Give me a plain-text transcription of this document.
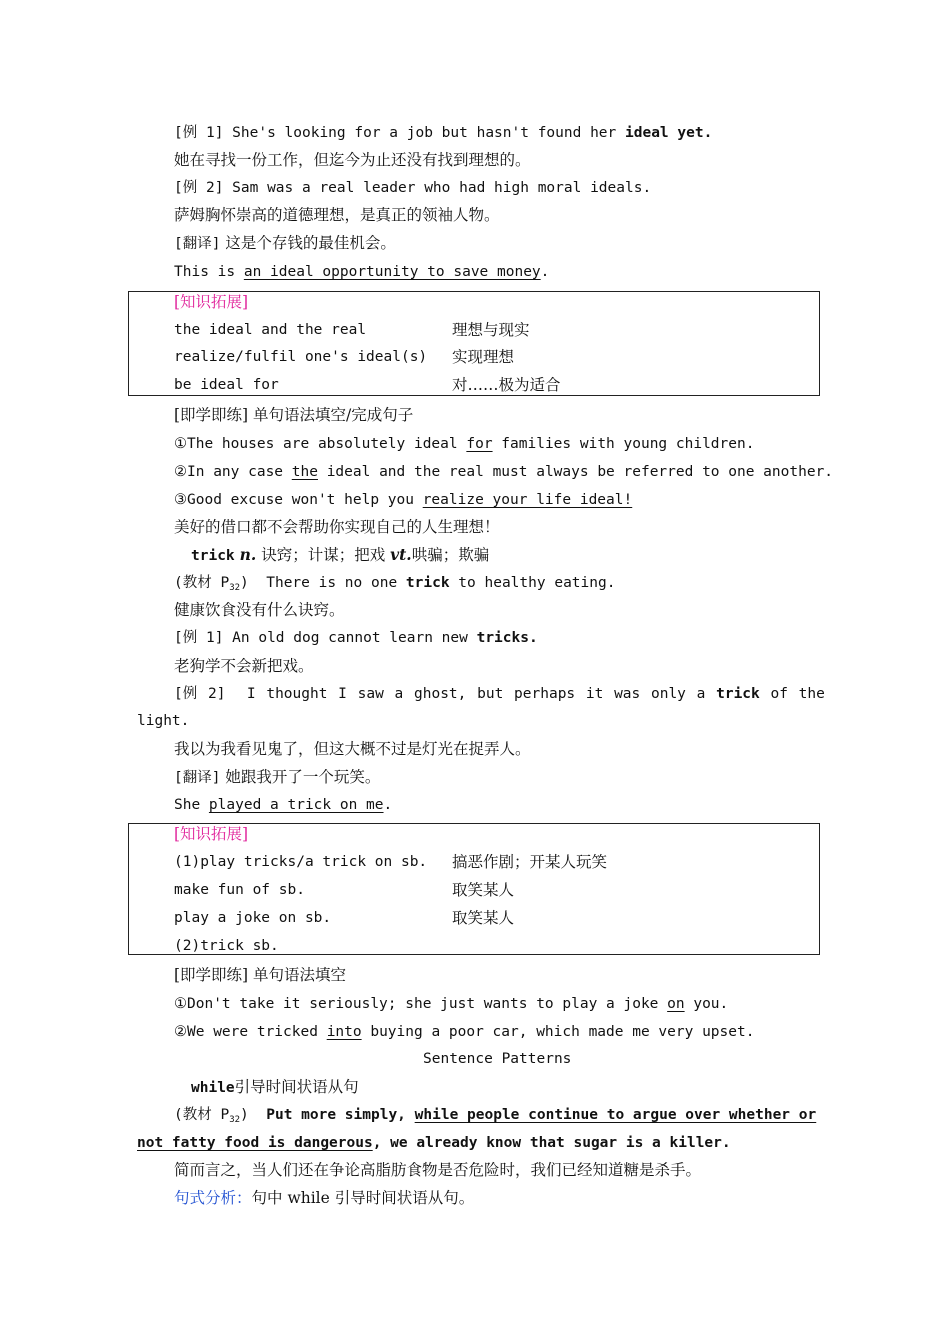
[例 1] She's looking for a job but hasn't found her ideal yet.
她在寻找一份工作，但迄今为止还没有找到理想的。
[例 2] Sam was a real leader who had high moral ideals.
萨姆胸怀崇高的道德理想，是真正的领袖人物。
[翻译] 这是个存钱的最佳机会。
This is an ideal opportunity to save money.
[知识拓展]
the ideal and the real	理想与现实
realize/fulfil one's ideal(s) 实现理想
be ideal for	对……极为适合
[即学即练] 单句语法填空/完成句子
①The houses are absolutely ideal for families with young children.
②In any case the ideal and the real must always be referred to one another.
③Good excuse won't help you realize your life ideal!
美好的借口都不会帮助你实现自己的人生理想！
trick n. 诀窍；计谋；把戏 vt.哄骗；欺骗
(教材 $P_{32}$)  There is no one trick to healthy eating.
健康饮食没有什么诀窍。
[例 1] An old dog cannot learn new tricks.
老狗学不会新把戏。
[例 2]  I thought I saw a ghost, but perhaps it was only a trick of the
light.
我以为我看见鬼了，但这大概不过是灯光在捉弄人。
[翻译] 她跟我开了一个玩笑。
She played a trick on me.
[知识拓展]
(1)play tricks/a trick on sb. 搞恶作剧；开某人玩笑
make fun of sb.	取笑某人
play a joke on sb.	取笑某人
(2)trick sb.
[即学即练] 单句语法填空
①Don't take it seriously; she just wants to play a joke on you.
②We were tricked into buying a poor car, which made me very upset.
Sentence Patterns
while引导时间状语从句
(教材 $P_{32}$)  Put more simply, while people continue to argue over whether or
not fatty food is dangerous, we already know that sugar is a killer.
简而言之，当人们还在争论高脂肪食物是否危险时，我们已经知道糖是杀手。
句式分析：句中 while 引导时间状语从句。
